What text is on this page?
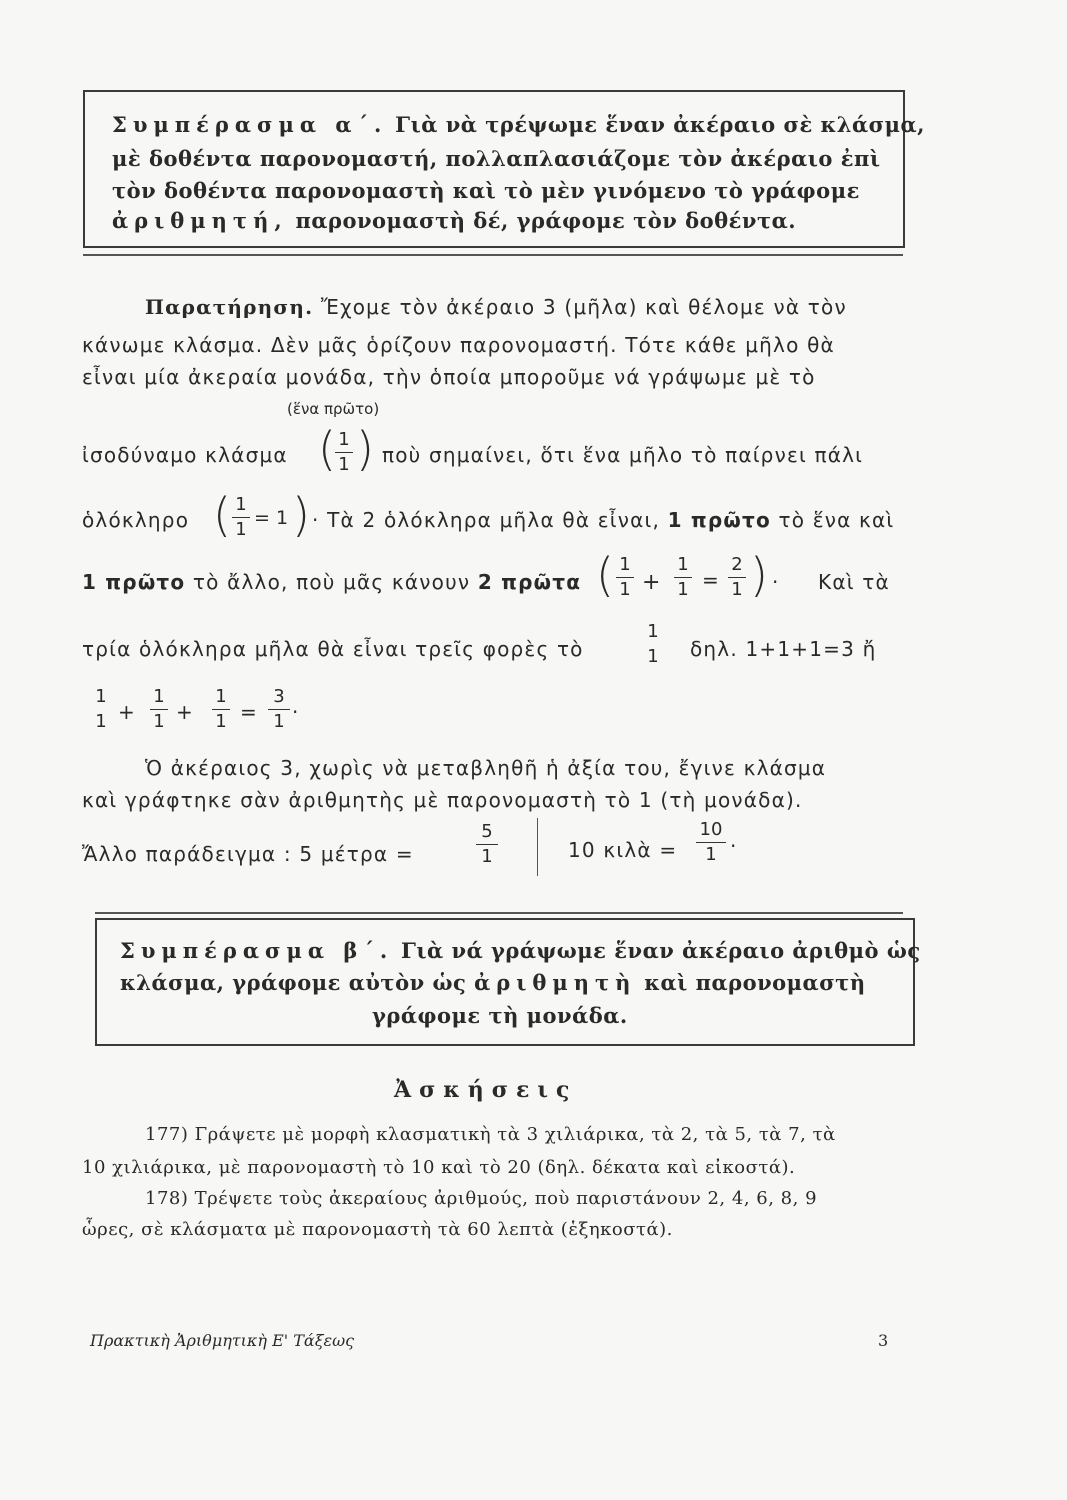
Συμπέρασμα α΄. Γιὰ νὰ τρέψωμε ἕναν ἀκέραιο σὲ κλάσμα,
μὲ δοθέντα παρονομαστή, πολλαπλασιάζομε τὸν ἀκέραιο ἐπὶ
τὸν δοθέντα παρονομαστὴ καὶ τὸ μὲν γινόμενο τὸ γράφομε
ἀριθμητή, παρονομαστὴ δέ, γράφομε τὸν δοθέντα.
Παρατήρηση. Ἔχομε τὸν ἀκέραιο 3 (μῆλα) καὶ θέλομε νὰ τὸν
κάνωμε κλάσμα. Δὲν μᾶς ὁρίζουν παρονομαστή. Τότε κάθε μῆλο θὰ
εἶναι μία ἀκεραία μονάδα, τὴν ὁποία μποροῦμε νά γράψωμε μὲ τὸ
(ἕνα πρῶτο)
ἰσοδύναμο κλάσμα ( 1
1 ) ποὺ σημαίνει, ὅτι ἕνα μῆλο τὸ παίρνει πάλι
ὁλόκληρο ( 1
1
= 1 ) · Τὰ 2 ὁλόκληρα μῆλα θὰ εἶναι, 1 πρῶτο τὸ ἕνα καὶ
1 πρῶτο τὸ ἄλλο, ποὺ μᾶς κάνουν 2 πρῶτα ( 1
1 +
1
1 =
2
1 ) · Καὶ τὰ
τρία ὁλόκληρα μῆλα θὰ εἶναι τρεῖς φορὲς τὸ
1
1 δηλ. 1+1+1=3 ἤ
1
1 +
1
1 +
1
1 =
3
1 ·
Ὁ ἀκέραιος 3, χωρὶς νὰ μεταβληθῆ ἡ ἀξία του, ἔγινε κλάσμα
καὶ γράφτηκε σὰν ἀριθμητὴς μὲ παρονομαστὴ τὸ 1 (τὴ μονάδα).
Ἄλλο παράδειγμα : 5 μέτρα =
5
1	10 κιλὰ =
10
1 ·
Συμπέρασμα β΄. Γιὰ νά γράψωμε ἕναν ἀκέραιο ἀριθμὸ ὡς
κλάσμα, γράφομε αὐτὸν ὡς ἀριθμητὴ καὶ παρονομαστὴ
γράφομε τὴ μονάδα.
Ἀσκήσεις
177) Γράψετε μὲ μορφὴ κλασματικὴ τὰ 3 χιλιάρικα, τὰ 2, τὰ 5, τὰ 7, τὰ
10 χιλιάρικα, μὲ παρονομαστὴ τὸ 10 καὶ τὸ 20 (δηλ. δέκατα καὶ εἰκοστά).
178) Τρέψετε τοὺς ἀκεραίους ἀριθμούς, ποὺ παριστάνουν 2, 4, 6, 8, 9
ὧρες, σὲ κλάσματα μὲ παρονομαστὴ τὰ 60 λεπτὰ (ἑξηκοστά).
Πρακτικὴ Ἀριθμητικὴ Ε' Τάξεως	3
